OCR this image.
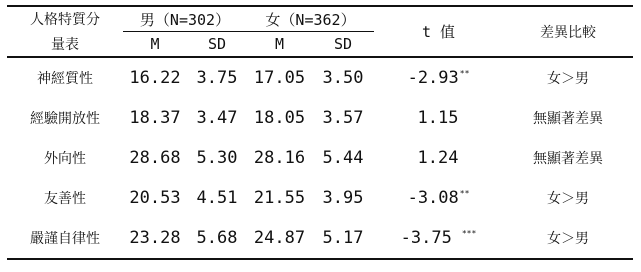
人格特質分	男（N=302）		女（N=362）		t 值	差異比較
量表	M	SD	M	SD		
神經質性	16.22	3.75	17.05	3.50	-2.93**	女＞男
經驗開放性	18.37	3.47	18.05	3.57	1.15	無顯著差異
外向性	28.68	5.30	28.16	5.44	1.24	無顯著差異
友善性	20.53	4.51	21.55	3.95	-3.08**	女＞男
嚴謹自律性	23.28	5.68	24.87	5.17	-3.75 ***	女＞男
